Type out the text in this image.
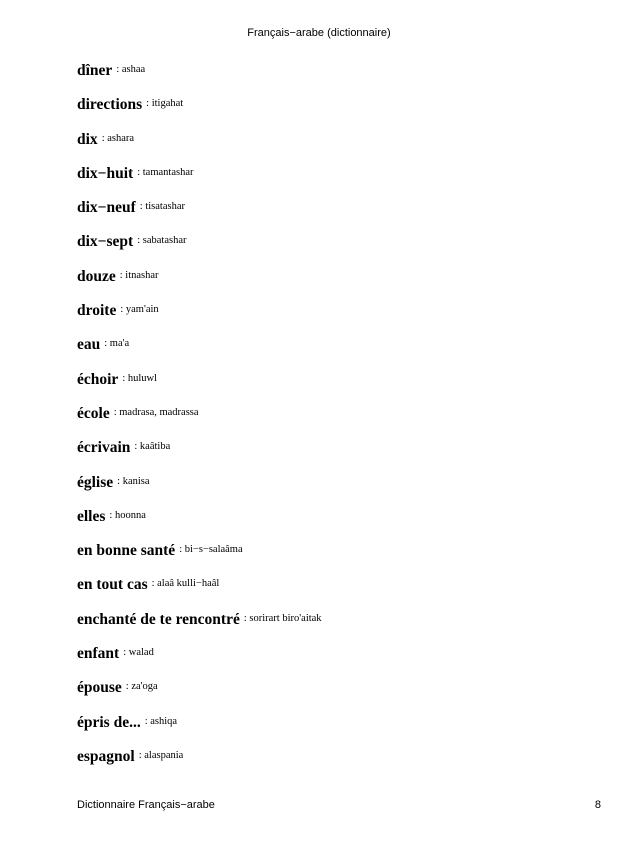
Français−arabe (dictionnaire)
dîner : ashaa
directions : itigahat
dix : ashara
dix−huit : tamantashar
dix−neuf : tisatashar
dix−sept : sabatashar
douze : itnashar
droite : yam'ain
eau : ma'a
échoir : huluwl
école : madrasa, madrassa
écrivain : kaâtiba
église : kanisa
elles : hoonna
en bonne santé : bi−s−salaâma
en tout cas : alaâ kulli−haâl
enchanté de te rencontré : sorirart biro'aitak
enfant : walad
épouse : za'oga
épris de... : ashiqa
espagnol : alaspania
Dictionnaire Français−arabe	8
